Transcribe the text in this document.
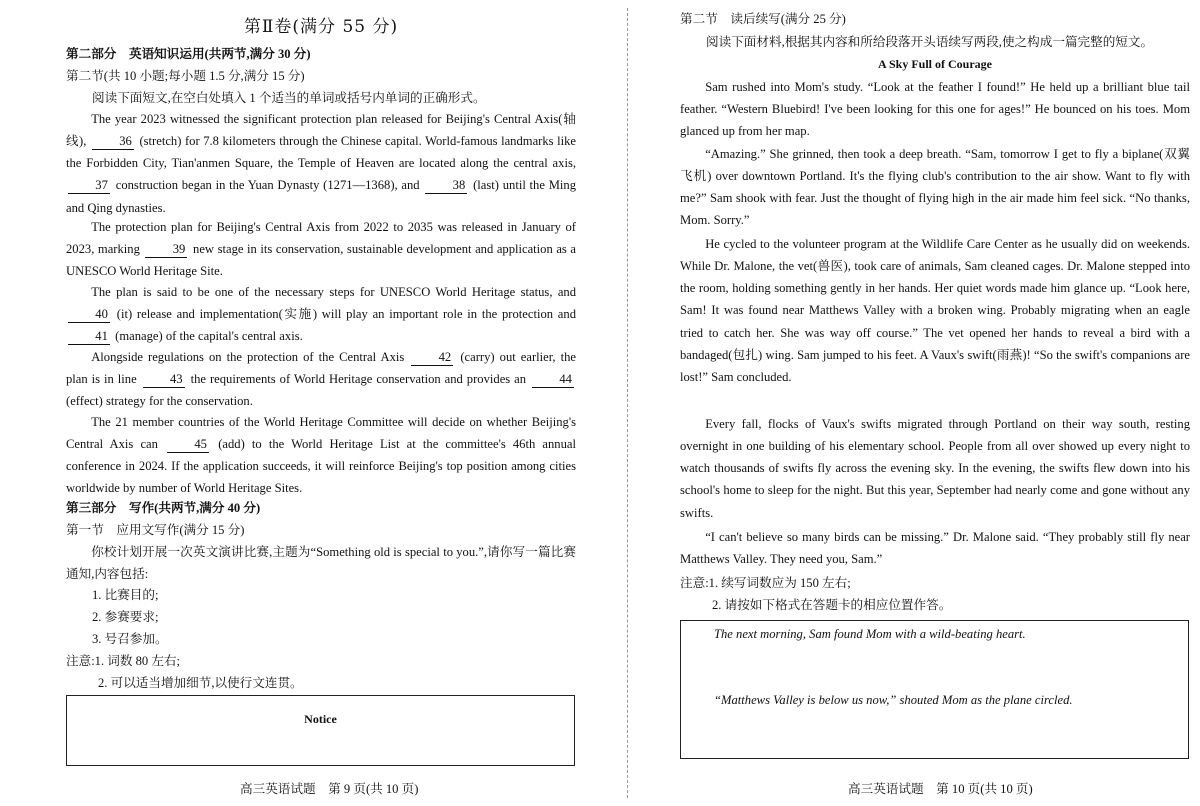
第Ⅱ卷(满分 55 分)
第二部分　英语知识运用(共两节,满分 30 分)
第二节(共 10 小题;每小题 1.5 分,满分 15 分)
阅读下面短文,在空白处填入 1 个适当的单词或括号内单词的正确形式。
The year 2023 witnessed the significant protection plan released for Beijing's Central Axis(轴线), 36 (stretch) for 7.8 kilometers through the Chinese capital. World-famous landmarks like the Forbidden City, Tian'anmen Square, the Temple of Heaven are located along the central axis, 37 construction began in the Yuan Dynasty (1271—1368), and 38 (last) until the Ming and Qing dynasties.
The protection plan for Beijing's Central Axis from 2022 to 2035 was released in January of 2023, marking 39 new stage in its conservation, sustainable development and application as a UNESCO World Heritage Site.
The plan is said to be one of the necessary steps for UNESCO World Heritage status, and 40 (it) release and implementation(实施) will play an important role in the protection and 41 (manage) of the capital's central axis.
Alongside regulations on the protection of the Central Axis 42 (carry) out earlier, the plan is in line 43 the requirements of World Heritage conservation and provides an 44 (effect) strategy for the conservation.
The 21 member countries of the World Heritage Committee will decide on whether Beijing's Central Axis can 45 (add) to the World Heritage List at the committee's 46th annual conference in 2024. If the application succeeds, it will reinforce Beijing's top position among cities worldwide by number of World Heritage Sites.
第三部分　写作(共两节,满分 40 分)
第一节　应用文写作(满分 15 分)
你校计划开展一次英文演讲比赛,主题为“Something old is special to you.”,请你写一篇比赛通知,内容包括:
1. 比赛目的;
2. 参赛要求;
3. 号召参加。
注意:1. 词数 80 左右;
2. 可以适当增加细节,以使行文连贯。
Notice
高三英语试题　第 9 页(共 10 页)
第二节　读后续写(满分 25 分)
阅读下面材料,根据其内容和所给段落开头语续写两段,使之构成一篇完整的短文。
A Sky Full of Courage
Sam rushed into Mom's study. “Look at the feather I found!” He held up a brilliant blue tail feather. “Western Bluebird! I've been looking for this one for ages!” He bounced on his toes. Mom glanced up from her map.
“Amazing.” She grinned, then took a deep breath. “Sam, tomorrow I get to fly a biplane(双翼飞机) over downtown Portland. It's the flying club's contribution to the air show. Want to fly with me?” Sam shook with fear. Just the thought of flying high in the air made him feel sick. “No thanks, Mom. Sorry.”
He cycled to the volunteer program at the Wildlife Care Center as he usually did on weekends. While Dr. Malone, the vet(兽医), took care of animals, Sam cleaned cages. Dr. Malone stepped into the room, holding something gently in her hands. Her quiet words made him glance up. “Look here, Sam! It was found near Matthews Valley with a broken wing. Probably migrating when an eagle tried to catch her. She was way off course.” The vet opened her hands to reveal a bird with a bandaged(包扎) wing. Sam jumped to his feet. A Vaux's swift(雨燕)! “So the swift's companions are lost!” Sam concluded.
Every fall, flocks of Vaux's swifts migrated through Portland on their way south, resting overnight in one building of his elementary school. People from all over showed up every night to watch thousands of swifts fly across the evening sky. In the evening, the swifts flew down into his school's home to sleep for the night. But this year, September had nearly come and gone without any swifts.
“I can't believe so many birds can be missing.” Dr. Malone said. “They probably still fly near Matthews Valley. They need you, Sam.”
注意:1. 续写词数应为 150 左右;
2. 请按如下格式在答题卡的相应位置作答。
The next morning, Sam found Mom with a wild-beating heart.
“Matthews Valley is below us now,” shouted Mom as the plane circled.
高三英语试题　第 10 页(共 10 页)
